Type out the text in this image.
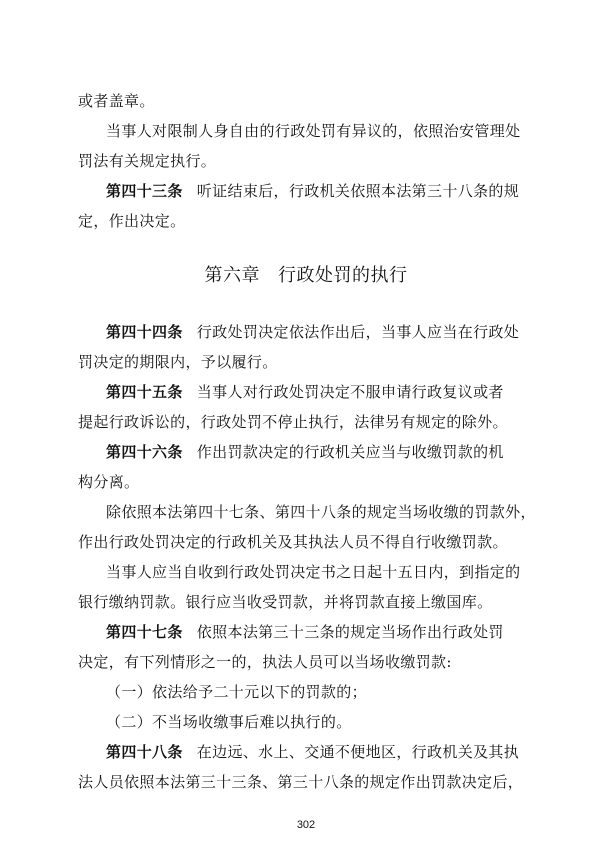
或者盖章。
当事人对限制人身自由的行政处罚有异议的，依照治安管理处
罚法有关规定执行。
第四十三条 听证结束后，行政机关依照本法第三十八条的规
定，作出决定。
第六章 行政处罚的执行
第四十四条 行政处罚决定依法作出后，当事人应当在行政处
罚决定的期限内，予以履行。
第四十五条 当事人对行政处罚决定不服申请行政复议或者
提起行政诉讼的，行政处罚不停止执行，法律另有规定的除外。
第四十六条 作出罚款决定的行政机关应当与收缴罚款的机
构分离。
除依照本法第四十七条、第四十八条的规定当场收缴的罚款外，
作出行政处罚决定的行政机关及其执法人员不得自行收缴罚款。
当事人应当自收到行政处罚决定书之日起十五日内，到指定的
银行缴纳罚款。银行应当收受罚款，并将罚款直接上缴国库。
第四十七条 依照本法第三十三条的规定当场作出行政处罚
决定，有下列情形之一的，执法人员可以当场收缴罚款:
（一）依法给予二十元以下的罚款的；
（二）不当场收缴事后难以执行的。
第四十八条 在边远、水上、交通不便地区，行政机关及其执
法人员依照本法第三十三条、第三十八条的规定作出罚款决定后，
302
